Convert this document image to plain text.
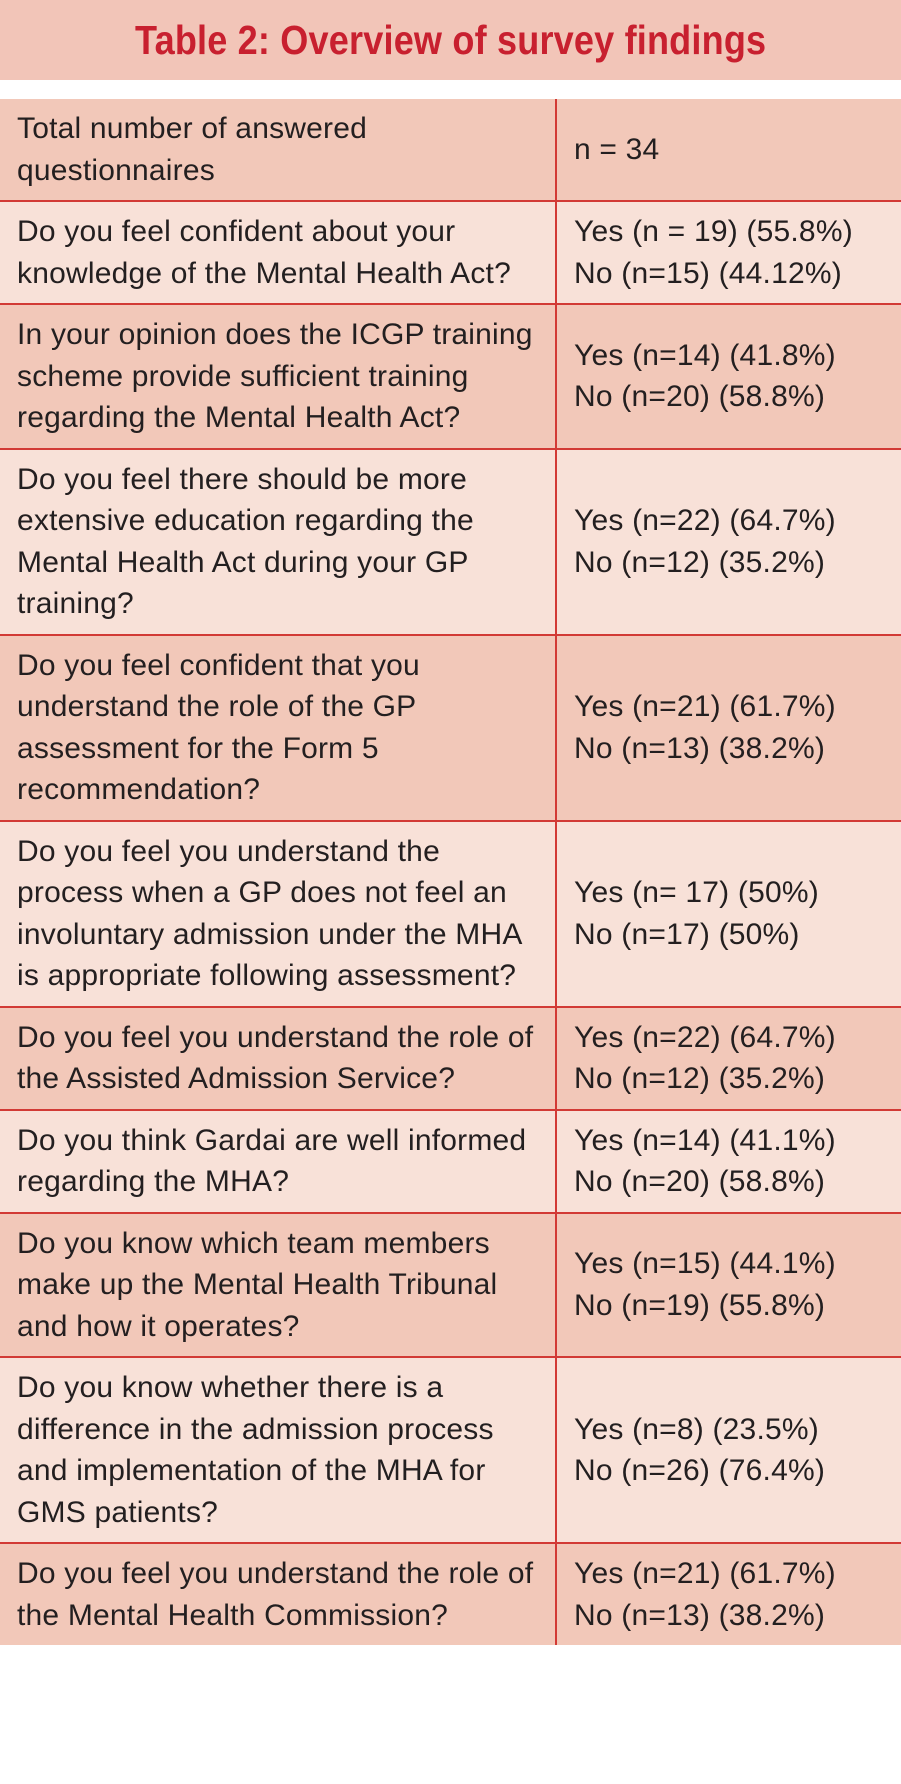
Table 2: Overview of survey findings
Total number of answered questionnaires	n = 34

Do you feel confident about your knowledge of the Mental Health Act?	Yes (n = 19) (55.8%)
No (n=15) (44.12%)

In your opinion does the ICGP training scheme provide sufficient training regarding the Mental Health Act?	Yes (n=14) (41.8%)
No (n=20) (58.8%)

Do you feel there should be more extensive education regarding the Mental Health Act during your GP training?	Yes (n=22) (64.7%)
No (n=12) (35.2%)

Do you feel confident that you understand the role of the GP assessment for the Form 5 recommendation?	Yes (n=21) (61.7%)
No (n=13) (38.2%)

Do you feel you understand the process when a GP does not feel an involuntary admission under the MHA is appropriate following assessment?	Yes (n= 17) (50%)
No (n=17) (50%)

Do you feel you understand the role of the Assisted Admission Service?	Yes (n=22) (64.7%)
No (n=12) (35.2%)

Do you think Gardai are well informed regarding the MHA?	Yes (n=14) (41.1%)
No (n=20) (58.8%)

Do you know which team members make up the Mental Health Tribunal and how it operates?	Yes (n=15) (44.1%)
No (n=19) (55.8%)

Do you know whether there is a difference in the admission process and implementation of the MHA for GMS patients?	Yes (n=8) (23.5%)
No (n=26) (76.4%)

Do you feel you understand the role of the Mental Health Commission?	Yes (n=21) (61.7%)
No (n=13) (38.2%)
